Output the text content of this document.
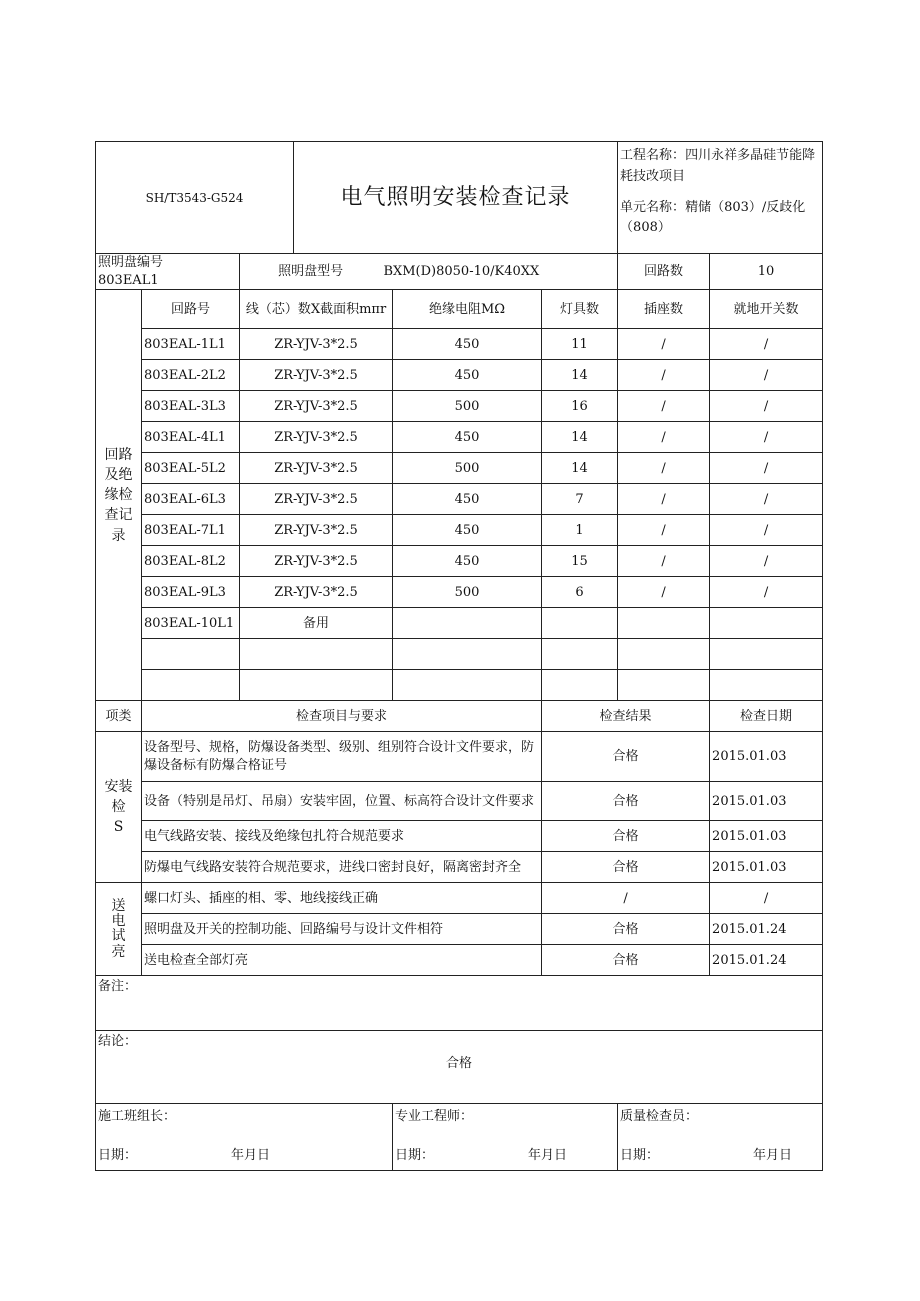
SH/T3543-G524			电气照明安装检查记录			工程名称：四川永祥多晶硅节能降耗技改项目
单元名称：精储（803）/反歧化（808）	

照明盘编号  803EAL1		照明盘型号 BXM(D)8050-10/K40XX				回路数	10

回路
及绝
缘检
查记
录	回路号	线（芯）数X截面积mπr		绝缘电阻MΩ	灯具数	插座数	就地开关数
	803EAL-1L1	ZR-YJV-3*2.5		450	11	/	/
	803EAL-2L2	ZR-YJV-3*2.5		450	14	/	/
	803EAL-3L3	ZR-YJV-3*2.5		500	16	/	/
	803EAL-4L1	ZR-YJV-3*2.5		450	14	/	/
	803EAL-5L2	ZR-YJV-3*2.5		500	14	/	/
	803EAL-6L3	ZR-YJV-3*2.5		450	7	/	/
	803EAL-7L1	ZR-YJV-3*2.5		450	1	/	/
	803EAL-8L2	ZR-YJV-3*2.5		450	15	/	/
	803EAL-9L3	ZR-YJV-3*2.5		500	6	/	/
	803EAL-10L1	备用					

项类	检查项目与要求				检查结果		检查日期

安装
检
S	设备型号、规格，防爆设备类型、级别、组别符合设计文件要求，防爆设备标有防爆合格证号				合格		2015.01.03
	设备（特别是吊灯、吊扇）安装牢固，位置、标高符合设计文件要求				合格		2015.01.03
	电气线路安装、接线及绝缘包扎符合规范要求				合格		2015.01.03
	防爆电气线路安装符合规范要求，进线口密封良好，隔离密封齐全				合格		2015.01.03

送
电
试
亮	螺口灯头、插座的相、零、地线接线正确				/		/
	照明盘及开关的控制功能、回路编号与设计文件相符				合格		2015.01.24
	送电检查全部灯亮				合格		2015.01.24
备注：							

结论：
合格							

施工班组长：
日期： 年月日				专业工程师：
日期： 年月日		质量检查员：
日期： 年月日	
